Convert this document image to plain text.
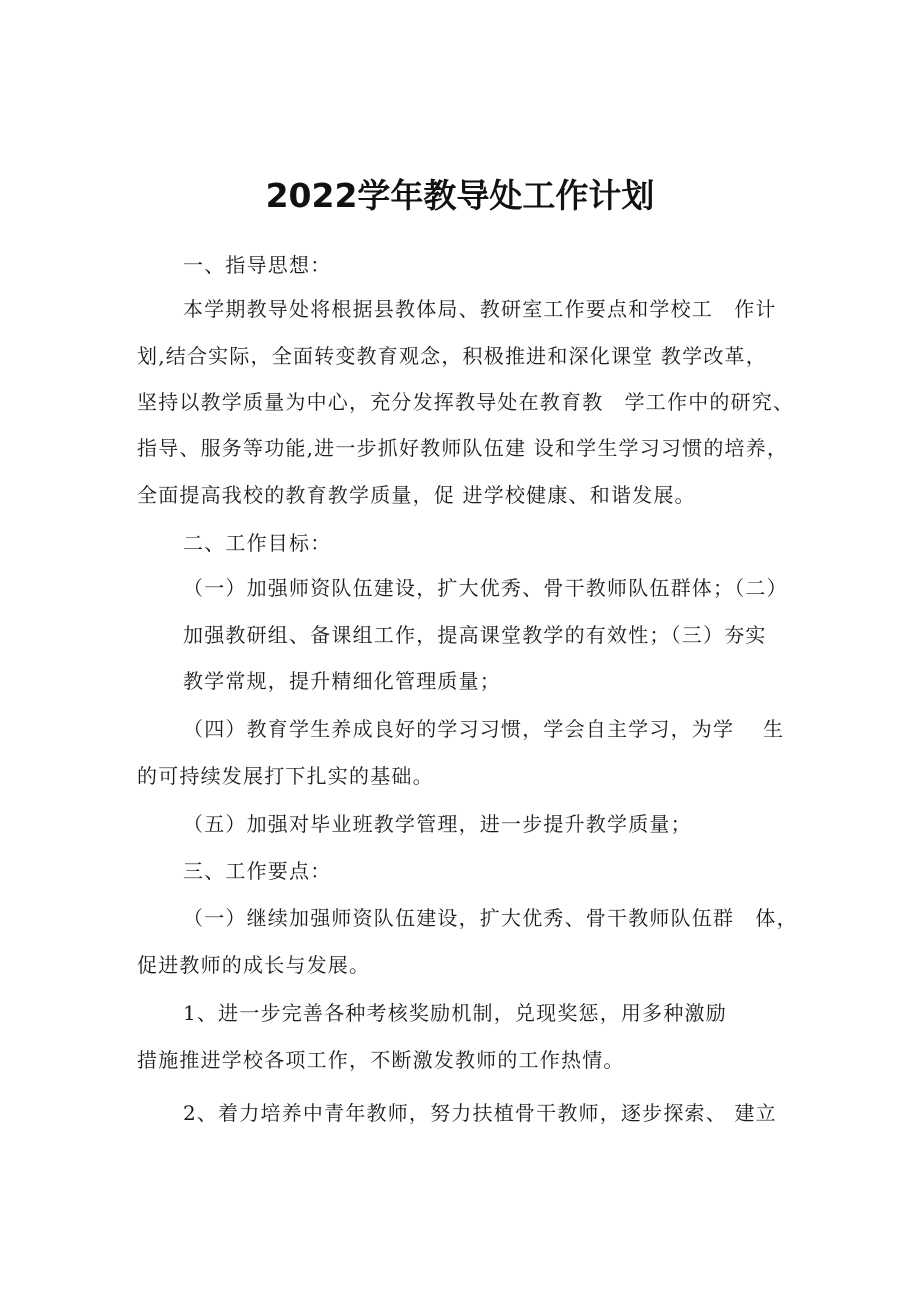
2022学年教导处工作计划
一、指导思想：
本学期教导处将根据县教体局、教研室工作要点和学校工　作计
划,结合实际，全面转变教育观念，积极推进和深化课堂 教学改革，
坚持以教学质量为中心，充分发挥教导处在教育教　学工作中的研究、
指导、服务等功能,进一步抓好教师队伍建 设和学生学习习惯的培养，
全面提高我校的教育教学质量，促 进学校健康、和谐发展。
二、工作目标：
（一）加强师资队伍建设，扩大优秀、骨干教师队伍群体；（二）
加强教研组、备课组工作，提高课堂教学的有效性；（三）夯实
教学常规，提升精细化管理质量；
（四）教育学生养成良好的学习习惯，学会自主学习，为学　 生
的可持续发展打下扎实的基础。
（五）加强对毕业班教学管理，进一步提升教学质量；
三、工作要点：
（一）继续加强师资队伍建设，扩大优秀、骨干教师队伍群　体，
促进教师的成长与发展。
1、进一步完善各种考核奖励机制，兑现奖惩，用多种激励
措施推进学校各项工作，不断激发教师的工作热情。
2、着力培养中青年教师，努力扶植骨干教师，逐步探索、 建立
